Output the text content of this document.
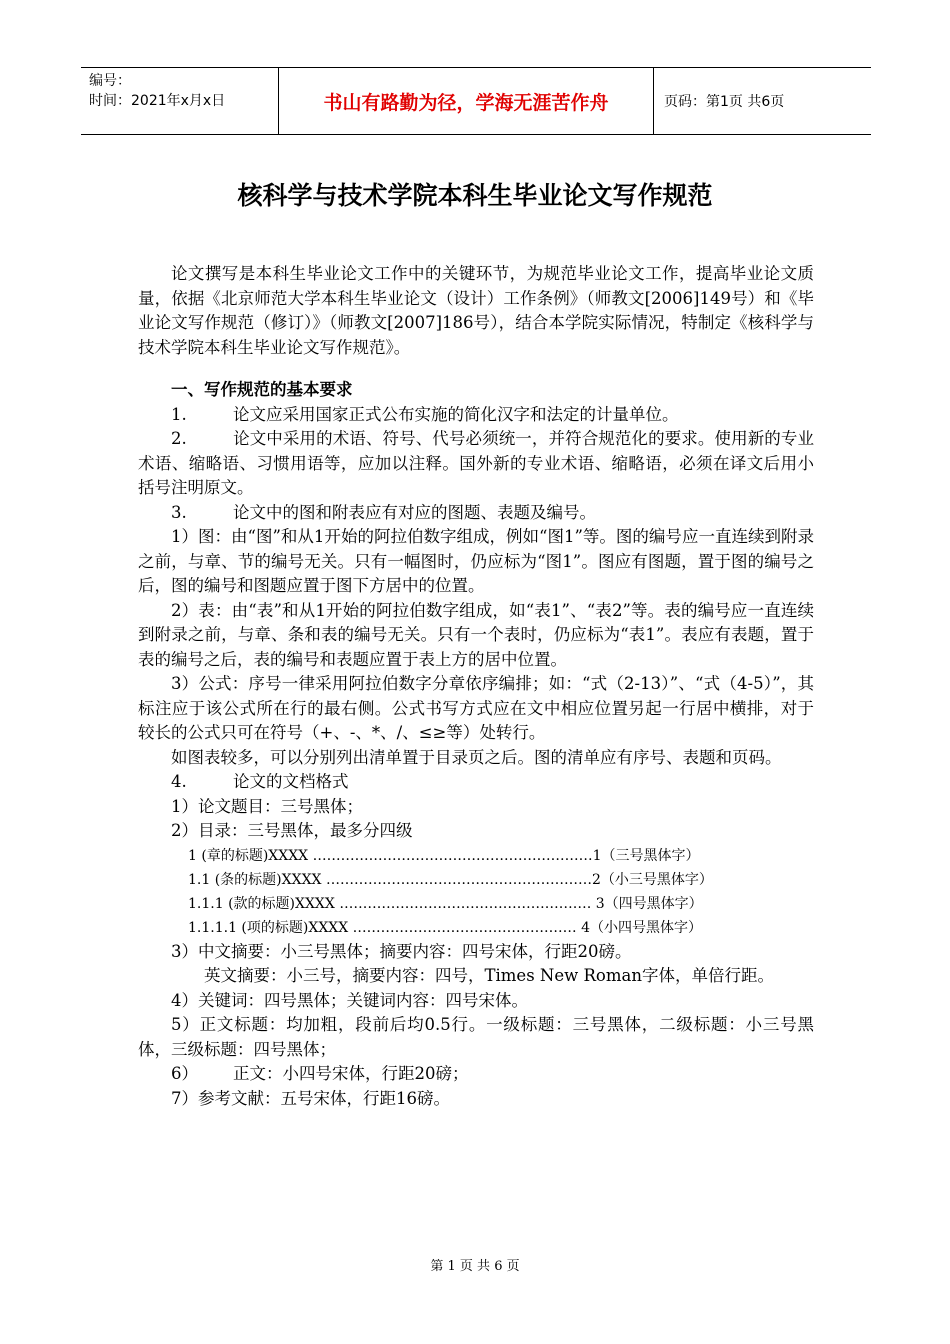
编号：
时间：2021年x月x日	书山有路勤为径，学海无涯苦作舟	页码：第1页 共6页
核科学与技术学院本科生毕业论文写作规范

论文撰写是本科生毕业论文工作中的关键环节，为规范毕业论文工作，提高毕业论文质量，依据《北京师范大学本科生毕业论文（设计）工作条例》（师教文[2006]149号）和《毕业论文写作规范（修订）》（师教文[2007]186号），结合本学院实际情况，特制定《核科学与技术学院本科生毕业论文写作规范》。

一、写作规范的基本要求

1.	论文应采用国家正式公布实施的简化汉字和法定的计量单位。

2.	论文中采用的术语、符号、代号必须统一，并符合规范化的要求。使用新的专业术语、缩略语、习惯用语等，应加以注释。国外新的专业术语、缩略语，必须在译文后用小括号注明原文。

3.	论文中的图和附表应有对应的图题、表题及编号。

1）图：由“图”和从1开始的阿拉伯数字组成，例如“图1”等。图的编号应一直连续到附录之前，与章、节的编号无关。只有一幅图时，仍应标为“图1”。图应有图题，置于图的编号之后，图的编号和图题应置于图下方居中的位置。

2）表：由“表”和从1开始的阿拉伯数字组成，如“表1”、“表2”等。表的编号应一直连续到附录之前，与章、条和表的编号无关。只有一个表时，仍应标为“表1”。表应有表题，置于表的编号之后，表的编号和表题应置于表上方的居中位置。

3）公式：序号一律采用阿拉伯数字分章依序编排；如：“式（2-13）”、“式（4-5）”，其标注应于该公式所在行的最右侧。公式书写方式应在文中相应位置另起一行居中横排，对于较长的公式只可在符号（+、-、*、/、≤≥等）处转行。

如图表较多，可以分别列出清单置于目录页之后。图的清单应有序号、表题和页码。

4.	论文的文档格式

1）论文题目：三号黑体；

2）目录：三号黑体，最多分四级

1 (章的标题)XXXX ……………………………………………………1（三号黑体字）
1.1 (条的标题)XXXX …………………………………………………2（小三号黑体字）
1.1.1 (款的标题)XXXX ……………………………………………… 3（四号黑体字）
1.1.1.1 (项的标题)XXXX ………………………………………… 4（小四号黑体字）

3）中文摘要：小三号黑体；摘要内容：四号宋体，行距20磅。

英文摘要：小三号，摘要内容：四号，Times New Roman字体，单倍行距。

4）关键词：四号黑体；关键词内容：四号宋体。

5）正文标题：均加粗，段前后均0.5行。一级标题：三号黑体，二级标题：小三号黑体，三级标题：四号黑体；

6） 正文：小四号宋体，行距20磅；

7）参考文献：五号宋体，行距16磅。

第 1 页 共 6 页
